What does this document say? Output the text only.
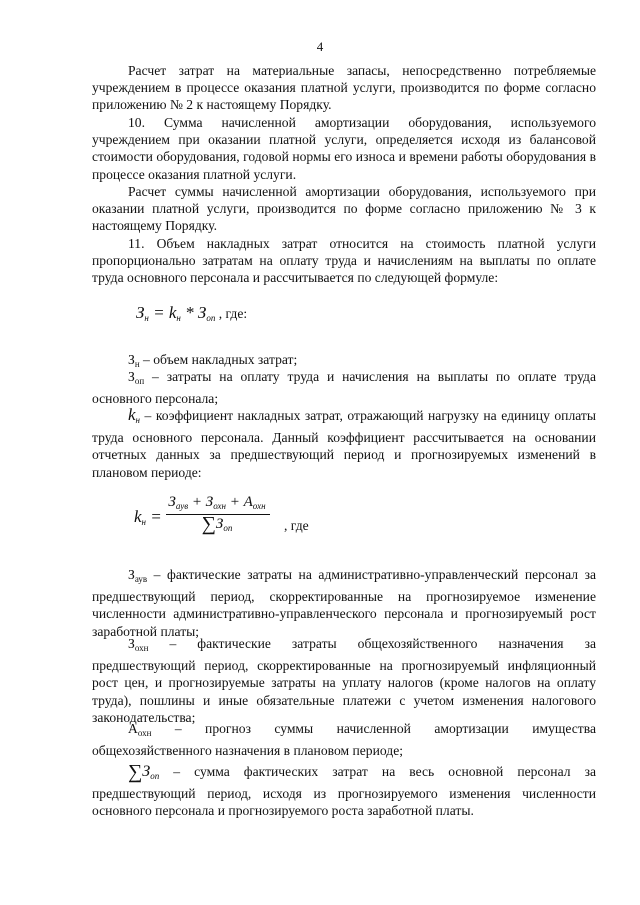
4

Расчет затрат на материальные запасы, непосредственно потребляемые учреждением в процессе оказания платной услуги, производится по форме согласно приложению № 2 к настоящему Порядку.

10. Сумма начисленной амортизации оборудования, используемого учреждением при оказании платной услуги, определяется исходя из балансовой стоимости оборудования, годовой нормы его износа и времени работы оборудования в процессе оказания платной услуги.

Расчет суммы начисленной амортизации оборудования, используемого при оказании платной услуги, производится по форме согласно приложению № 3 к настоящему Порядку.

11. Объем накладных затрат относится на стоимость платной услуги пропорционально затратам на оплату труда и начислениям на выплаты по оплате труда основного персонала и рассчитывается по следующей формуле:

Зн = kн * Зоп , где:

$З_н$ – объем накладных затрат;

$З_{оп}$ – затраты на оплату труда и начисления на выплаты по оплате труда основного персонала;

$k_н$ – коэффициент накладных затрат, отражающий нагрузку на единицу оплаты труда основного персонала. Данный коэффициент рассчитывается на основании отчетных данных за предшествующий период и прогнозируемых изменений в плановом периоде:

kн =
$З_{аув} + З_{охн} + А_{охн}$
$\sum З_{оп}$	, где

$З_{аув}$ – фактические затраты на административно-управленческий персонал за предшествующий период, скорректированные на прогнозируемое изменение численности административно-управленческого персонала и прогнозируемый рост заработной платы;

$З_{охн}$ – фактические затраты общехозяйственного назначения за предшествующий период, скорректированные на прогнозируемый инфляционный рост цен, и прогнозируемые затраты на уплату налогов (кроме налогов на оплату труда), пошлины и иные обязательные платежи с учетом изменения налогового законодательства;

$А_{охн}$ – прогноз суммы начисленной амортизации имущества общехозяйственного назначения в плановом периоде;

$\sum З_{оп}$ – сумма фактических затрат на весь основной персонал за предшествующий период, исходя из прогнозируемого изменения численности основного персонала и прогнозируемого роста заработной платы.
